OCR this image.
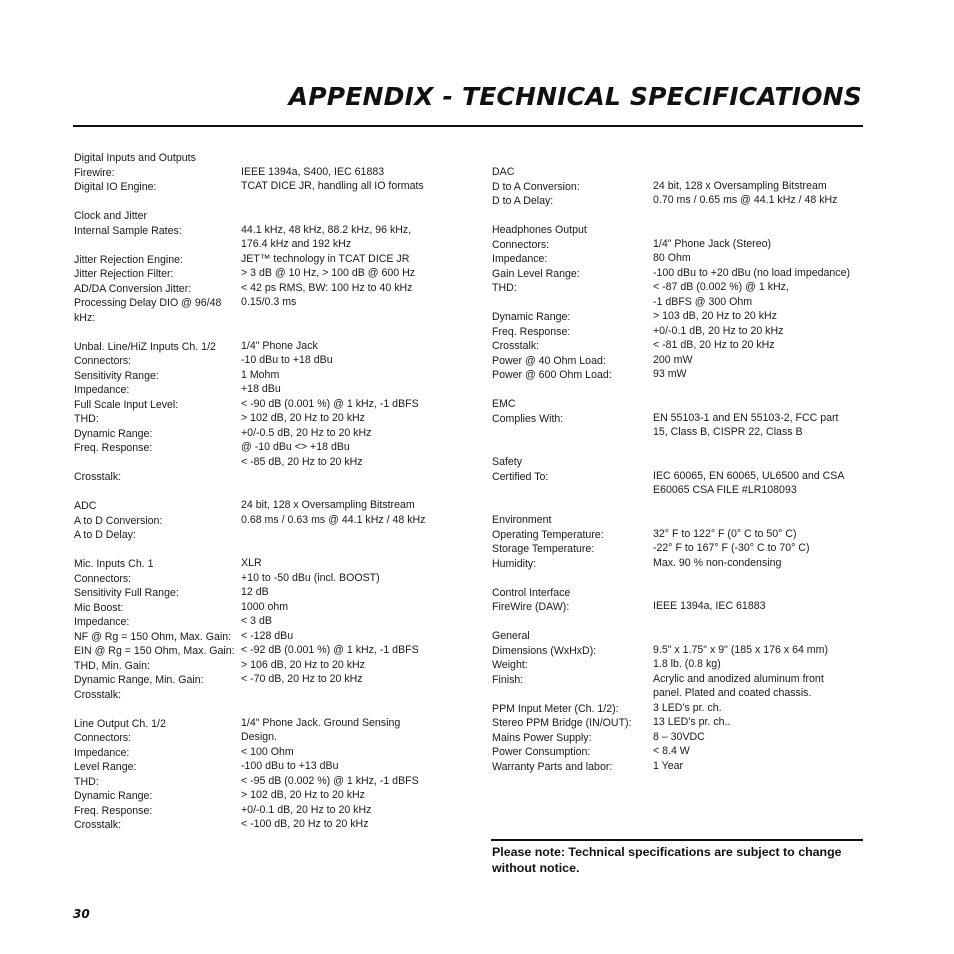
APPENDIX - TECHNICAL SPECIFICATIONS
Digital Inputs and Outputs
Firewire:
Digital IO Engine:
Clock and Jitter
Internal Sample Rates:
Jitter Rejection Engine:
Jitter Rejection Filter:
AD/DA Conversion Jitter:
Processing Delay DIO @ 96/48
kHz:
Unbal. Line/HiZ Inputs Ch. 1/2
Connectors:
Sensitivity Range:
Impedance:
Full Scale Input Level:
THD:
Dynamic Range:
Freq. Response:
Crosstalk:
ADC
A to D Conversion:
A to D Delay:
Mic. Inputs Ch. 1
Connectors:
Sensitivity Full Range:
Mic Boost:
Impedance:
NF @ Rg = 150 Ohm, Max. Gain:
EIN @ Rg = 150 Ohm, Max. Gain:
THD, Min. Gain:
Dynamic Range, Min. Gain:
Crosstalk:
Line Output Ch. 1/2
Connectors:
Impedance:
Level Range:
THD:
Dynamic Range:
Freq. Response:
Crosstalk:
IEEE 1394a, S400, IEC 61883
TCAT DICE JR, handling all IO formats
44.1 kHz, 48 kHz, 88.2 kHz, 96 kHz,
176.4 kHz and 192 kHz
JET™ technology in TCAT DICE JR
> 3 dB @ 10 Hz, > 100 dB @ 600 Hz
< 42 ps RMS, BW: 100 Hz to 40 kHz
0.15/0.3 ms
1/4" Phone Jack
-10 dBu to +18 dBu
1 Mohm
+18 dBu
< -90 dB (0.001 %) @ 1 kHz, -1 dBFS
> 102 dB, 20 Hz to 20 kHz
+0/-0.5 dB, 20 Hz to 20 kHz
@ -10 dBu <> +18 dBu
< -85 dB, 20 Hz to 20 kHz
24 bit, 128 x Oversampling Bitstream
0.68 ms / 0.63 ms @ 44.1 kHz / 48 kHz
XLR
+10 to -50 dBu (incl. BOOST)
12 dB
1000 ohm
< 3 dB
< -128 dBu
< -92 dB (0.001 %) @ 1 kHz, -1 dBFS
> 106 dB, 20 Hz to 20 kHz
< -70 dB, 20 Hz to 20 kHz
1/4" Phone Jack. Ground Sensing
Design.
< 100 Ohm
-100 dBu to +13 dBu
< -95 dB (0.002 %) @ 1 kHz, -1 dBFS
> 102 dB, 20 Hz to 20 kHz
+0/-0.1 dB, 20 Hz to 20 kHz
< -100 dB, 20 Hz to 20 kHz
DAC
D to A Conversion:
D to A Delay:
Headphones Output
Connectors:
Impedance:
Gain Level Range:
THD:
Dynamic Range:
Freq. Response:
Crosstalk:
Power @ 40 Ohm Load:
Power @ 600 Ohm Load:
EMC
Complies With:
Safety
Certified To:
Environment
Operating Temperature:
Storage Temperature:
Humidity:
Control Interface
FireWire (DAW):
General
Dimensions (WxHxD):
Weight:
Finish:
PPM Input Meter (Ch. 1/2):
Stereo PPM Bridge (IN/OUT):
Mains Power Supply:
Power Consumption:
Warranty Parts and labor:
24 bit, 128 x Oversampling Bitstream
0.70 ms / 0.65 ms @ 44.1 kHz / 48 kHz
1/4" Phone Jack (Stereo)
80 Ohm
-100 dBu to +20 dBu (no load impedance)
< -87 dB (0.002 %) @ 1 kHz,
-1 dBFS @ 300 Ohm
> 103 dB, 20 Hz to 20 kHz
+0/-0.1 dB, 20 Hz to 20 kHz
< -81 dB, 20 Hz to 20 kHz
200 mW
93 mW
EN 55103-1 and EN 55103-2, FCC part
15, Class B, CISPR 22, Class B
IEC 60065, EN 60065, UL6500 and CSA
E60065 CSA FILE #LR108093
32° F to 122° F (0° C to 50° C)
-22° F to 167° F (-30° C to 70° C)
Max. 90 % non-condensing
IEEE 1394a, IEC 61883
9.5" x 1.75" x 9" (185 x 176 x 64 mm)
1.8 lb. (0.8 kg)
Acrylic and anodized aluminum front
panel. Plated and coated chassis.
3 LED's pr. ch.
13 LED's pr. ch..
8 – 30VDC
< 8.4 W
1 Year

Please note: Technical specifications are subject to change without notice.

30
